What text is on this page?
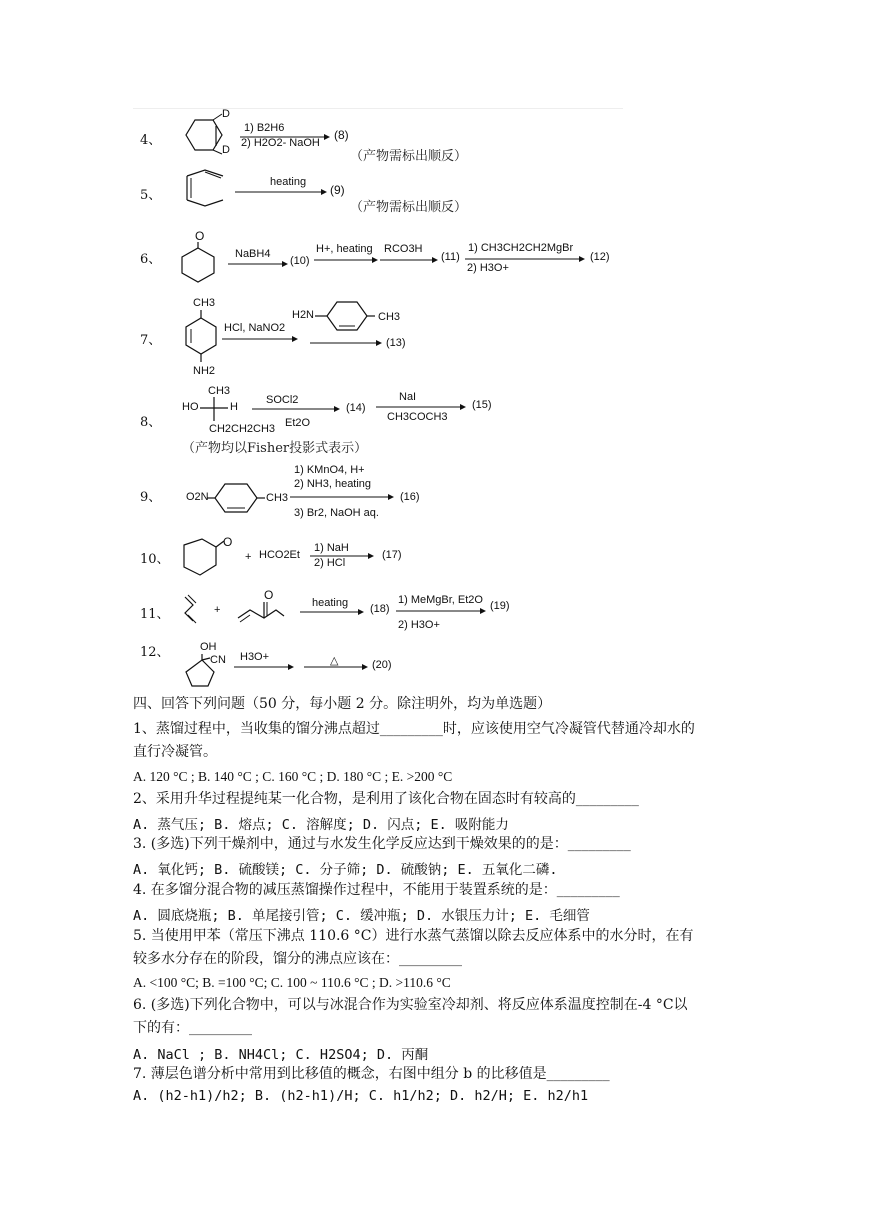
4、
D
D
1) B2H6
2) H2O2- NaOH
(8)
（产物需标出顺反）
5、
heating
(9)
（产物需标出顺反）
6、
O
NaBH4
→ (10)
H+, heating RCO3H
→ (11)
1) CH3CH2CH2MgBr
2) H3O+
(12)
7、
CH3
NH2
HCl, NaNO2
H2N	CH3
(13)
8、
CH3
HO	H
CH2CH2CH3
SOCl2
Et2O
(14)
NaI
CH3COCH3
(15)
（产物均以Fisher投影式表示）
9、 O2N	CH3
1) KMnO4, H+
2) NH3, heating
3) Br2, NaOH aq.
(16)
10、
O
+ HCO2Et
1) NaH
2) HCl
(17)
11、	+
O
heating → (18)
1) MeMgBr, Et2O
2) H3O+
(19)
12、	OH
CN H3O+	△ → (20)
四、回答下列问题（50 分，每小题 2 分。除注明外，均为单选题）
1、蒸馏过程中，当收集的馏分沸点超过_________时，应该使用空气冷凝管代替通冷却水的
直行冷凝管。
A. 120 °C ; B. 140 °C ; C. 160 °C ; D. 180 °C ; E. >200 °C
2、采用升华过程提纯某一化合物，是利用了该化合物在固态时有较高的_________
A. 蒸气压; B. 熔点; C. 溶解度; D. 闪点; E. 吸附能力
3. (多选)下列干燥剂中，通过与水发生化学反应达到干燥效果的的是：_________
A. 氧化钙; B. 硫酸镁; C. 分子筛; D. 硫酸钠; E. 五氧化二磷.
4. 在多馏分混合物的减压蒸馏操作过程中，不能用于装置系统的是：_________
A. 圆底烧瓶; B. 单尾接引管; C. 缓冲瓶; D. 水银压力计; E. 毛细管
5. 当使用甲苯（常压下沸点 110.6 °C）进行水蒸气蒸馏以除去反应体系中的水分时，在有
较多水分存在的阶段，馏分的沸点应该在：_________
A. <100 °C; B. =100 °C; C. 100 ~ 110.6 °C ; D. >110.6 °C
6. (多选)下列化合物中，可以与冰混合作为实验室冷却剂、将反应体系温度控制在-4 °C以
下的有：_________
A. NaCl ; B. NH4Cl; C. H2SO4; D. 丙酮
7. 薄层色谱分析中常用到比移值的概念，右图中组分 b 的比移值是_________
A. (h2-h1)/h2; B. (h2-h1)/H; C. h1/h2; D. h2/H; E. h2/h1
